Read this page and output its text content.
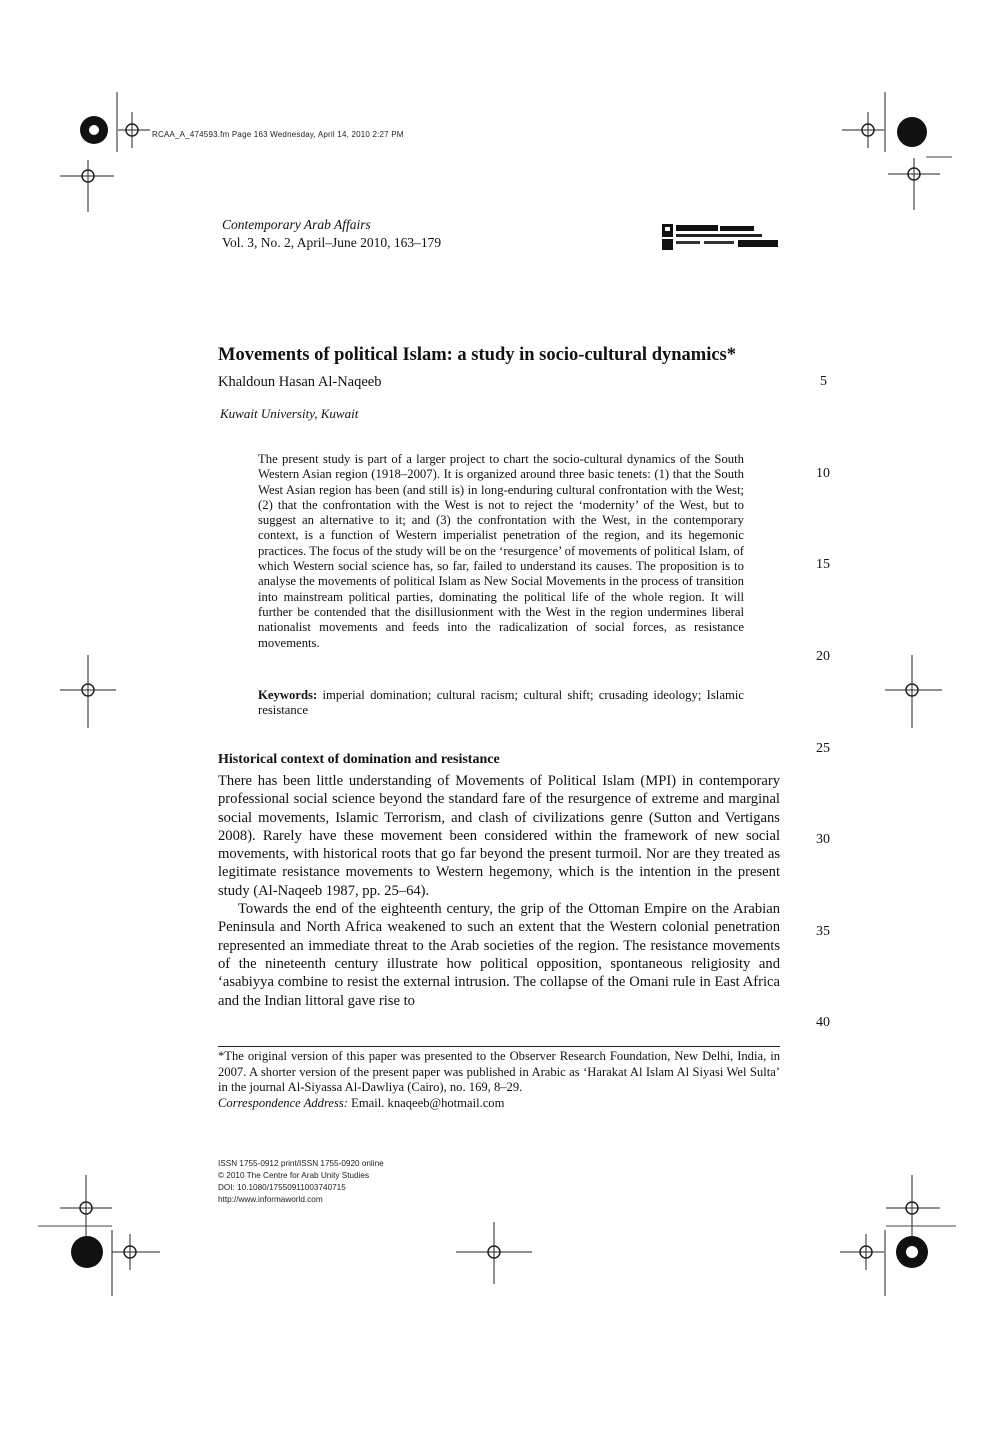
RCAA_A_474593.fm Page 163 Wednesday, April 14, 2010 2:27 PM
Contemporary Arab Affairs
Vol. 3, No. 2, April–June 2010, 163–179
Movements of political Islam: a study in socio-cultural dynamics*
Khaldoun Hasan Al-Naqeeb
Kuwait University, Kuwait

The present study is part of a larger project to chart the socio-cultural dynamics of the South Western Asian region (1918–2007). It is organized around three basic tenets: (1) that the South West Asian region has been (and still is) in long-enduring cultural confrontation with the West; (2) that the confrontation with the West is not to reject the ‘modernity’ of the West, but to suggest an alternative to it; and (3) the confrontation with the West, in the contemporary context, is a function of Western imperialist penetration of the region, and its hegemonic practices. The focus of the study will be on the ‘resurgence’ of movements of political Islam, of which Western social science has, so far, failed to understand its causes. The proposition is to analyse the movements of political Islam as New Social Movements in the process of transition into mainstream political parties, dominating the political life of the whole region. It will further be contended that the disillusionment with the West in the region undermines liberal nationalist movements and feeds into the radicalization of social forces, as resistance movements.

Keywords: imperial domination; cultural racism; cultural shift; crusading ideology; Islamic resistance
Historical context of domination and resistance

There has been little understanding of Movements of Political Islam (MPI) in contemporary professional social science beyond the standard fare of the resurgence of extreme and marginal social movements, Islamic Terrorism, and clash of civilizations genre (Sutton and Vertigans 2008). Rarely have these movement been considered within the framework of new social movements, with historical roots that go far beyond the present turmoil. Nor are they treated as legitimate resistance movements to Western hegemony, which is the intention in the present study (Al-Naqeeb 1987, pp. 25–64).

Towards the end of the eighteenth century, the grip of the Ottoman Empire on the Arabian Peninsula and North Africa weakened to such an extent that the Western colonial penetration represented an immediate threat to the Arab societies of the region. The resistance movements of the nineteenth century illustrate how political opposition, spontaneous religiosity and ‘asabiyya combine to resist the external intrusion. The collapse of the Omani rule in East Africa and the Indian littoral gave rise to

*The original version of this paper was presented to the Observer Research Foundation, New Delhi, India, in 2007. A shorter version of the present paper was published in Arabic as ‘Harakat Al Islam Al Siyasi Wel Sulta’ in the journal Al-Siyassa Al-Dawliya (Cairo), no. 169, 8–29.

Correspondence Address: Email. knaqeeb@hotmail.com

ISSN 1755-0912 print/ISSN 1755-0920 online
© 2010 The Centre for Arab Unity Studies
DOI: 10.1080/17550911003740715
http://www.informaworld.com
5
10
15
20
25
30
35
40
